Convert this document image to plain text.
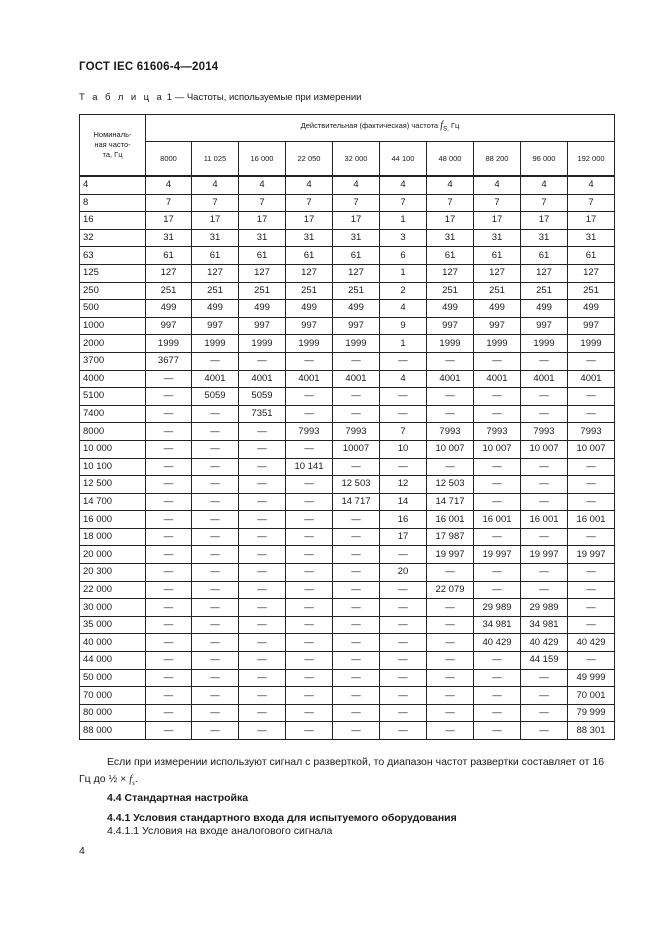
ГОСТ IEC 61606-4—2014
Т а б л и ц а 1 — Частоты, используемые при измерении
Номиналь-
ная часто-
та, Гц	Действительная (фактическая) частота $f_{S,}$ Гц									
	8000	11 025	16 000	22 050	32 000	44 100	48 000	88 200	96 000	192 000
4	4	4	4	4	4	4	4	4	4	4
8	7	7	7	7	7	7	7	7	7	7
16	17	17	17	17	17	1	17	17	17	17
32	31	31	31	31	31	3	31	31	31	31
63	61	61	61	61	61	6	61	61	61	61
125	127	127	127	127	127	1	127	127	127	127
250	251	251	251	251	251	2	251	251	251	251
500	499	499	499	499	499	4	499	499	499	499
1000	997	997	997	997	997	9	997	997	997	997
2000	1999	1999	1999	1999	1999	1	1999	1999	1999	1999
3700	3677	—	—	—	—	—	—	—	—	—
4000	—	4001	4001	4001	4001	4	4001	4001	4001	4001
5100	—	5059	5059	—	—	—	—	—	—	—
7400	—	—	7351	—	—	—	—	—	—	—
8000	—	—	—	7993	7993	7	7993	7993	7993	7993
10 000	—	—	—	—	10007	10	10 007	10 007	10 007	10 007
10 100	—	—	—	10 141	—	—	—	—	—	—
12 500	—	—	—	—	12 503	12	12 503	—	—	—
14 700	—	—	—	—	14 717	14	14 717	—	—	—
16 000	—	—	—	—	—	16	16 001	16 001	16 001	16 001
18 000	—	—	—	—	—	17	17 987	—	—	—
20 000	—	—	—	—	—	—	19 997	19 997	19 997	19 997
20 300	—	—	—	—	—	20	—	—	—	—
22 000	—	—	—	—	—	—	22 079	—	—	—
30 000	—	—	—	—	—	—	—	29 989	29 989	—
35 000	—	—	—	—	—	—	—	34 981	34 981	—
40 000	—	—	—	—	—	—	—	40 429	40 429	40 429
44 000	—	—	—	—	—	—	—	—	44 159	—
50 000	—	—	—	—	—	—	—	—	—	49 999
70 000	—	—	—	—	—	—	—	—	—	70 001
80 000	—	—	—	—	—	—	—	—	—	79 999
88 000	—	—	—	—	—	—	—	—	—	88 301
Если при измерении используют сигнал с разверткой, то диапазон частот развертки составляет от 16 Гц до ½ × $f_s$.
4.4 Стандартная настройка
4.4.1 Условия стандартного входа для испытуемого оборудования
4.4.1.1 Условия на входе аналогового сигнала
4
